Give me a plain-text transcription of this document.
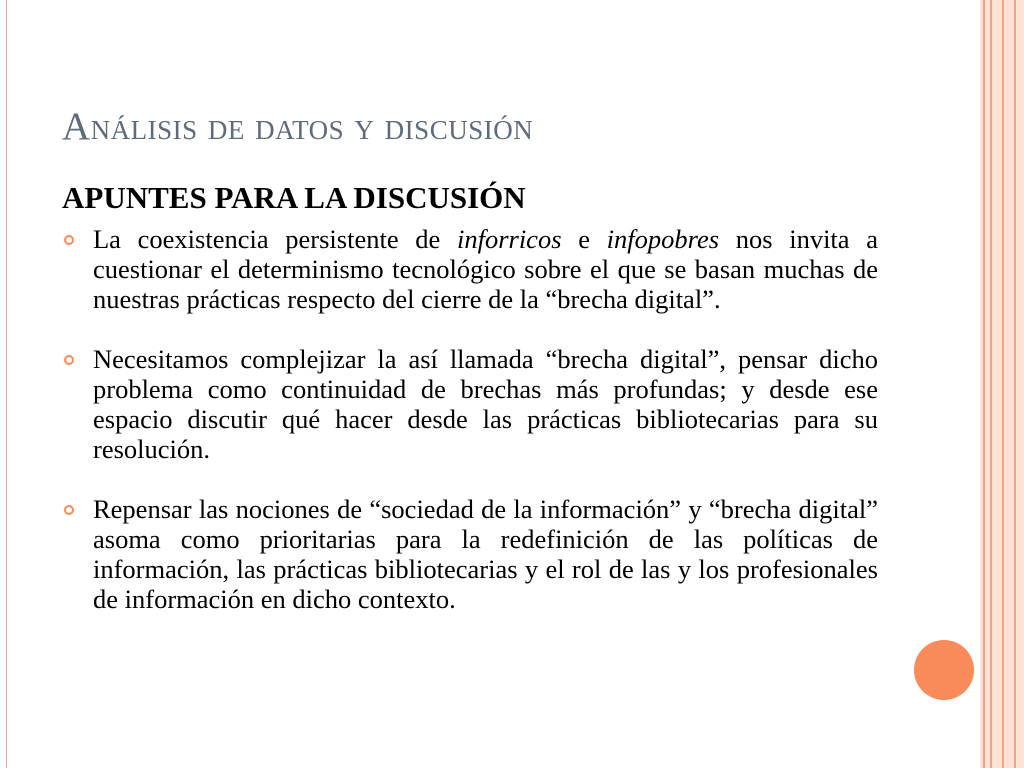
Análisis de datos y discusión
APUNTES PARA LA DISCUSIÓN

La coexistencia persistente de inforricos e infopobres nos invita a cuestionar el determinismo tecnológico sobre el que se basan muchas de nuestras prácticas respecto del cierre de la “brecha digital”.

Necesitamos complejizar la así llamada “brecha digital”, pensar dicho problema como continuidad de brechas más profundas; y desde ese espacio discutir qué hacer desde las prácticas bibliotecarias para su resolución.

Repensar las nociones de “sociedad de la información” y “brecha digital” asoma como prioritarias para la redefinición de las políticas de información, las prácticas bibliotecarias y el rol de las y los profesionales de información en dicho contexto.
